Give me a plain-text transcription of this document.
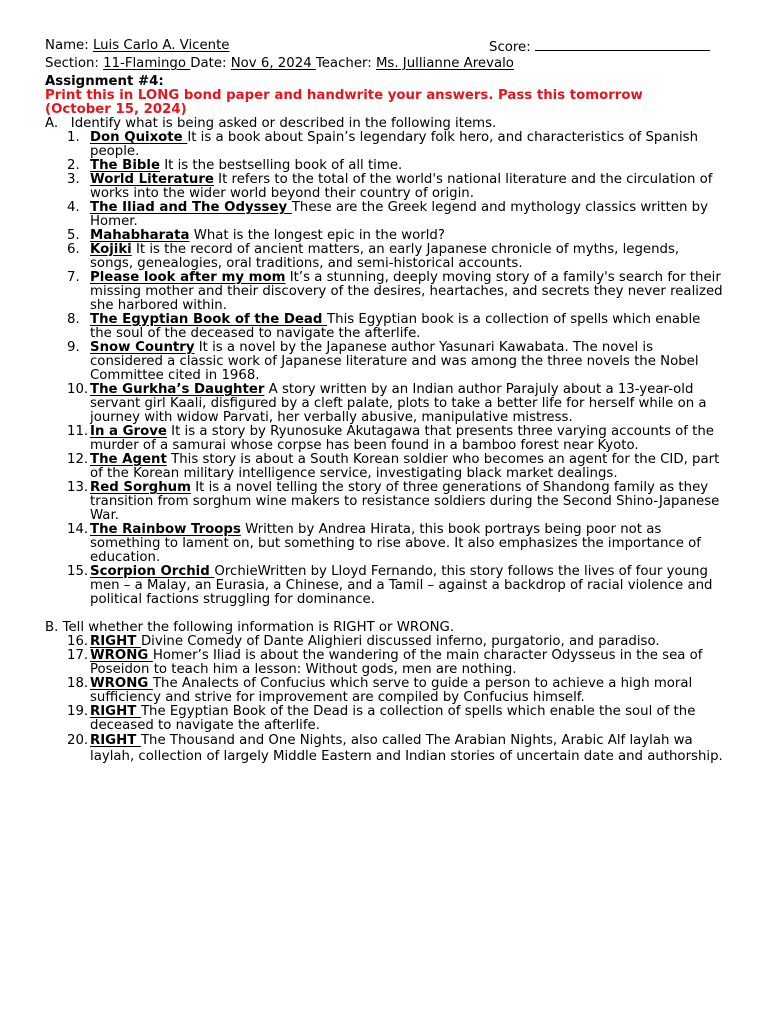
Name: Luis Carlo A. Vicente	Score:
Section: 11-Flamingo Date: Nov 6, 2024 Teacher: Ms. Jullianne Arevalo
Assignment #4:
Print this in LONG bond paper and handwrite your answers. Pass this tomorrow (October 15, 2024)
A. Identify what is being asked or described in the following items.
1. Don Quixote It is a book about Spain’s legendary folk hero, and characteristics of Spanish people.
2. The Bible It is the bestselling book of all time.
3. World Literature It refers to the total of the world's national literature and the circulation of works into the wider world beyond their country of origin.
4. The Iliad and The Odyssey These are the Greek legend and mythology classics written by Homer.
5. Mahabharata What is the longest epic in the world?
6. Kojiki It is the record of ancient matters, an early Japanese chronicle of myths, legends, songs, genealogies, oral traditions, and semi-historical accounts.
7. Please look after my mom It’s a stunning, deeply moving story of a family's search for their missing mother and their discovery of the desires, heartaches, and secrets they never realized she harbored within.
8. The Egyptian Book of the Dead This Egyptian book is a collection of spells which enable the soul of the deceased to navigate the afterlife.
9. Snow Country It is a novel by the Japanese author Yasunari Kawabata. The novel is considered a classic work of Japanese literature and was among the three novels the Nobel Committee cited in 1968.
10. The Gurkha’s Daughter A story written by an Indian author Parajuly about a 13-year-old servant girl Kaali, disfigured by a cleft palate, plots to take a better life for herself while on a journey with widow Parvati, her verbally abusive, manipulative mistress.
11. In a Grove It is a story by Ryunosuke Akutagawa that presents three varying accounts of the murder of a samurai whose corpse has been found in a bamboo forest near Kyoto.
12. The Agent This story is about a South Korean soldier who becomes an agent for the CID, part of the Korean military intelligence service, investigating black market dealings.
13. Red Sorghum It is a novel telling the story of three generations of Shandong family as they transition from sorghum wine makers to resistance soldiers during the Second Shino-Japanese War.
14. The Rainbow Troops Written by Andrea Hirata, this book portrays being poor not as something to lament on, but something to rise above. It also emphasizes the importance of education.
15. Scorpion Orchid OrchieWritten by Lloyd Fernando, this story follows the lives of four young men – a Malay, an Eurasia, a Chinese, and a Tamil – against a backdrop of racial violence and political factions struggling for dominance.
B. Tell whether the following information is RIGHT or WRONG.
16. RIGHT Divine Comedy of Dante Alighieri discussed inferno, purgatorio, and paradiso.
17. WRONG Homer’s Iliad is about the wandering of the main character Odysseus in the sea of Poseidon to teach him a lesson: Without gods, men are nothing.
18. WRONG The Analects of Confucius which serve to guide a person to achieve a high moral sufficiency and strive for improvement are compiled by Confucius himself.
19. RIGHT The Egyptian Book of the Dead is a collection of spells which enable the soul of the deceased to navigate the afterlife.
20. RIGHT The Thousand and One Nights, also called The Arabian Nights, Arabic Alf laylah wa laylah, collection of largely Middle Eastern and Indian stories of uncertain date and authorship.
